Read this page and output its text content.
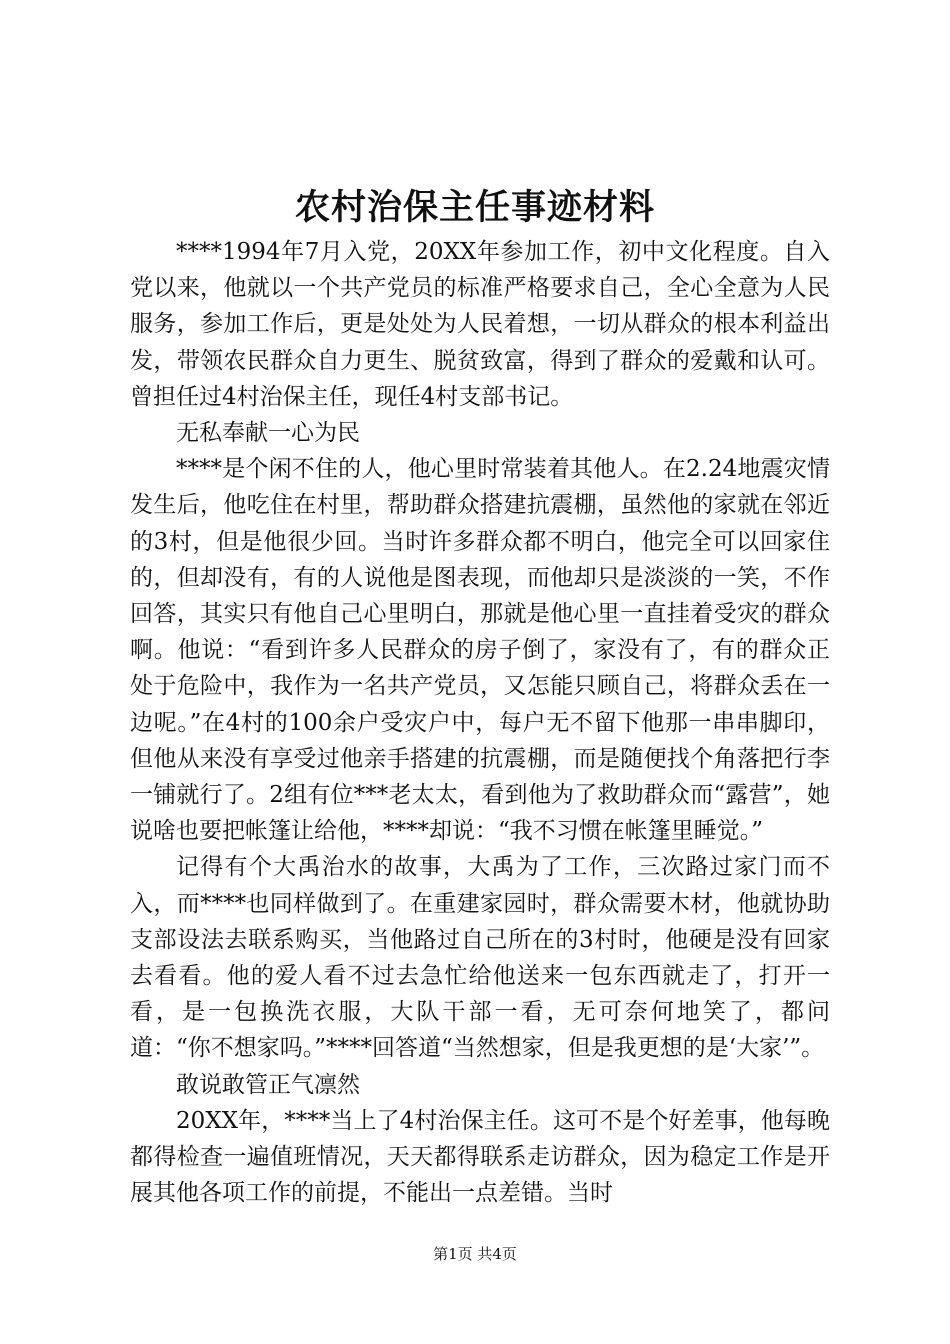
农村治保主任事迹材料

****1994年7月入党，20XX年参加工作，初中文化程度。自入党以来，他就以一个共产党员的标准严格要求自己，全心全意为人民服务，参加工作后，更是处处为人民着想，一切从群众的根本利益出发，带领农民群众自力更生、脱贫致富，得到了群众的爱戴和认可。曾担任过4村治保主任，现任4村支部书记。

无私奉献一心为民

****是个闲不住的人，他心里时常装着其他人。在2.24地震灾情发生后，他吃住在村里，帮助群众搭建抗震棚，虽然他的家就在邻近的3村，但是他很少回。当时许多群众都不明白，他完全可以回家住的，但却没有，有的人说他是图表现，而他却只是淡淡的一笑，不作回答，其实只有他自己心里明白，那就是他心里一直挂着受灾的群众啊。他说：“看到许多人民群众的房子倒了，家没有了，有的群众正处于危险中，我作为一名共产党员，又怎能只顾自己，将群众丢在一边呢。”在4村的100余户受灾户中，每户无不留下他那一串串脚印，但他从来没有享受过他亲手搭建的抗震棚，而是随便找个角落把行李一铺就行了。2组有位***老太太，看到他为了救助群众而“露营”，她说啥也要把帐篷让给他，****却说：“我不习惯在帐篷里睡觉。”

记得有个大禹治水的故事，大禹为了工作，三次路过家门而不入，而****也同样做到了。在重建家园时，群众需要木材，他就协助支部设法去联系购买，当他路过自己所在的3村时，他硬是没有回家去看看。他的爱人看不过去急忙给他送来一包东西就走了，打开一看，是一包换洗衣服，大队干部一看，无可奈何地笑了，都问道：“你不想家吗。”****回答道“当然想家，但是我更想的是‘大家’”。

敢说敢管正气凛然

20XX年，****当上了4村治保主任。这可不是个好差事，他每晚都得检查一遍值班情况，天天都得联系走访群众，因为稳定工作是开展其他各项工作的前提，不能出一点差错。当时

第1页 共4页
